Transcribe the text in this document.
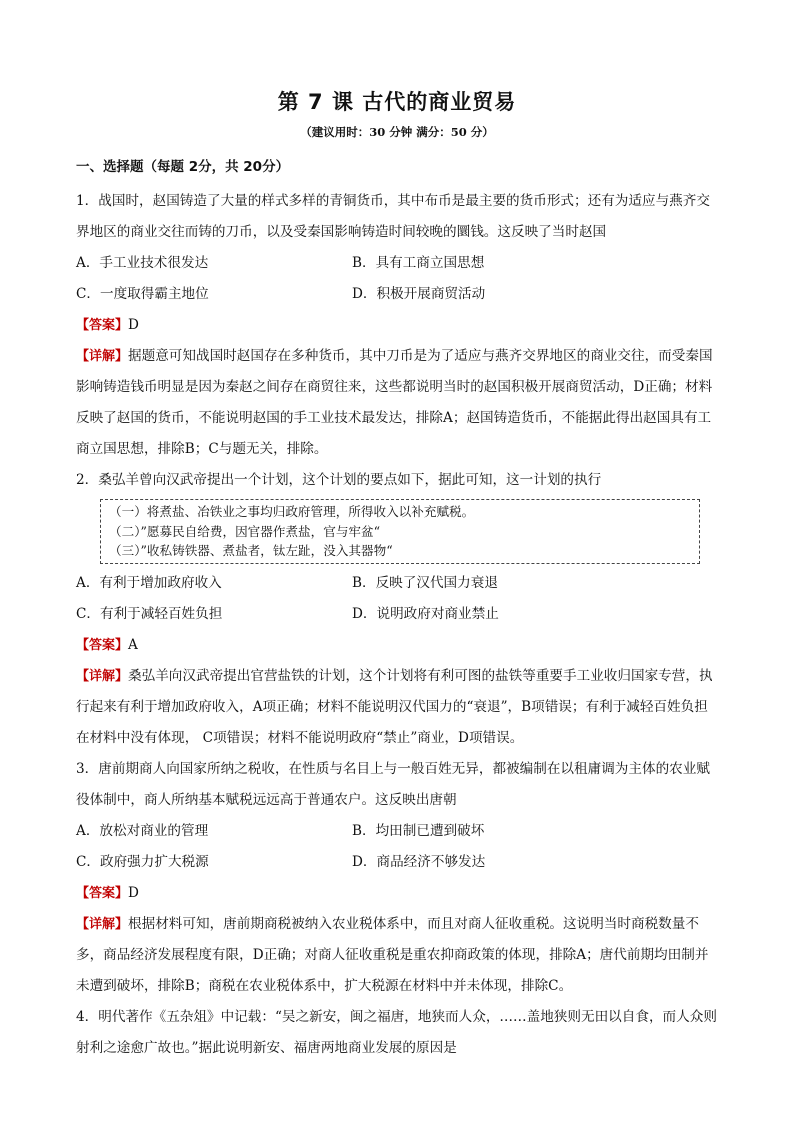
第 7 课 古代的商业贸易
（建议用时：30 分钟 满分：50 分）
一、选择题（每题 2分，共 20分）

1．战国时，赵国铸造了大量的样式多样的青铜货币，其中布币是最主要的货币形式；还有为适应与燕齐交界地区的商业交往而铸的刀币，以及受秦国影响铸造时间较晚的圜钱。这反映了当时赵国

A．手工业技术很发达	B．具有工商立国思想
C．一度取得霸主地位	D．积极开展商贸活动
【答案】D

【详解】据题意可知战国时赵国存在多种货币，其中刀币是为了适应与燕齐交界地区的商业交往，而受秦国影响铸造钱币明显是因为秦赵之间存在商贸往来，这些都说明当时的赵国积极开展商贸活动，D正确；材料反映了赵国的货币，不能说明赵国的手工业技术最发达，排除A；赵国铸造货币，不能据此得出赵国具有工商立国思想，排除B；C与题无关，排除。

2．桑弘羊曾向汉武帝提出一个计划，这个计划的要点如下，据此可知，这一计划的执行

（一）将煮盐、冶铁业之事均归政府管理，所得收入以补充赋税。
（二）”愿募民自给费，因官器作煮盐，官与牢盆“
（三）”收私铸铁器、煮盐者，钛左趾，没入其器物“
A．有利于增加政府收入	B．反映了汉代国力衰退
C．有利于减轻百姓负担	D．说明政府对商业禁止
【答案】A

【详解】桑弘羊向汉武帝提出官营盐铁的计划，这个计划将有利可图的盐铁等重要手工业收归国家专营，执行起来有利于增加政府收入，A项正确；材料不能说明汉代国力的“衰退”，B项错误；有利于减轻百姓负担在材料中没有体现， C项错误；材料不能说明政府“禁止”商业，D项错误。

3．唐前期商人向国家所纳之税收，在性质与名目上与一般百姓无异，都被编制在以租庸调为主体的农业赋役体制中，商人所纳基本赋税远远高于普通农户。这反映出唐朝

A．放松对商业的管理	B．均田制已遭到破坏
C．政府强力扩大税源	D．商品经济不够发达
【答案】D

【详解】根据材料可知，唐前期商税被纳入农业税体系中，而且对商人征收重税。这说明当时商税数量不多，商品经济发展程度有限，D正确；对商人征收重税是重农抑商政策的体现，排除A；唐代前期均田制并未遭到破坏，排除B；商税在农业税体系中，扩大税源在材料中并未体现，排除C。

4．明代著作《五杂俎》中记载：“吴之新安，闽之福唐，地狭而人众，……盖地狭则无田以自食，而人众则射利之途愈广故也。”据此说明新安、福唐两地商业发展的原因是
